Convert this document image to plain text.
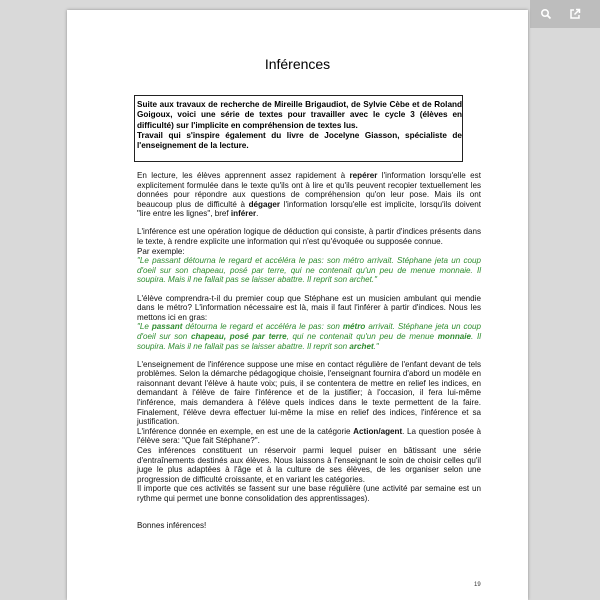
Inférences

Suite aux travaux de recherche de Mireille Brigaudiot, de Sylvie Cèbe et de Roland Goigoux, voici une série de textes pour travailler avec le cycle 3 (élèves en difficulté) sur l'implicite en compréhension de textes lus.

Travail qui s'inspire également du livre de Jocelyne Giasson, spécialiste de l'enseignement de la lecture.

En lecture, les élèves apprennent assez rapidement à repérer l'information lorsqu'elle est explicitement formulée dans le texte qu'ils ont à lire et qu'ils peuvent recopier textuellement les données pour répondre aux questions de compréhension qu'on leur pose. Mais ils ont beaucoup plus de difficulté à dégager l'information lorsqu'elle est implicite, lorsqu'ils doivent "lire entre les lignes", bref inférer.

L'inférence est une opération logique de déduction qui consiste, à partir d'indices présents dans le texte, à rendre explicite une information qui n'est qu'évoquée ou supposée connue.

Par exemple:

"Le passant détourna le regard et accéléra le pas: son métro arrivait. Stéphane jeta un coup d'oeil sur son chapeau, posé par terre, qui ne contenait qu'un peu de menue monnaie. Il soupira. Mais il ne fallait pas se laisser abattre. Il reprit son archet."

L'élève comprendra-t-il du premier coup que Stéphane est un musicien ambulant qui mendie dans le métro? L'information nécessaire est là, mais il faut l'inférer à partir d'indices. Nous les mettons ici en gras:

"Le passant détourna le regard et accéléra le pas: son métro arrivait. Stéphane jeta un coup d'oeil sur son chapeau, posé par terre, qui ne contenait qu'un peu de menue monnaie. Il soupira. Mais il ne fallait pas se laisser abattre. Il reprit son archet."

L'enseignement de l'inférence suppose une mise en contact régulière de l'enfant devant de tels problèmes. Selon la démarche pédagogique choisie, l'enseignant fournira d'abord un modèle en raisonnant devant l'élève à haute voix; puis, il se contentera de mettre en relief les indices, en demandant à l'élève de faire l'inférence et de la justifier; à l'occasion, il fera lui-même l'inférence, mais demandera à l'élève quels indices dans le texte permettent de la faire. Finalement, l'élève devra effectuer lui-même la mise en relief des indices, l'inférence et sa justification.

L'inférence donnée en exemple, en est une de la catégorie Action/agent. La question posée à l'élève sera: "Que fait Stéphane?".

Ces inférences constituent un réservoir parmi lequel puiser en bâtissant une série d'entraînements destinés aux élèves. Nous laissons à l'enseignant le soin de choisir celles qu'il juge le plus adaptées à l'âge et à la culture de ses élèves, de les organiser selon une progression de difficulté croissante, et en variant les catégories.

Il importe que ces activités se fassent sur une base régulière (une activité par semaine est un rythme qui permet une bonne consolidation des apprentissages).

Bonnes inférences!

19
